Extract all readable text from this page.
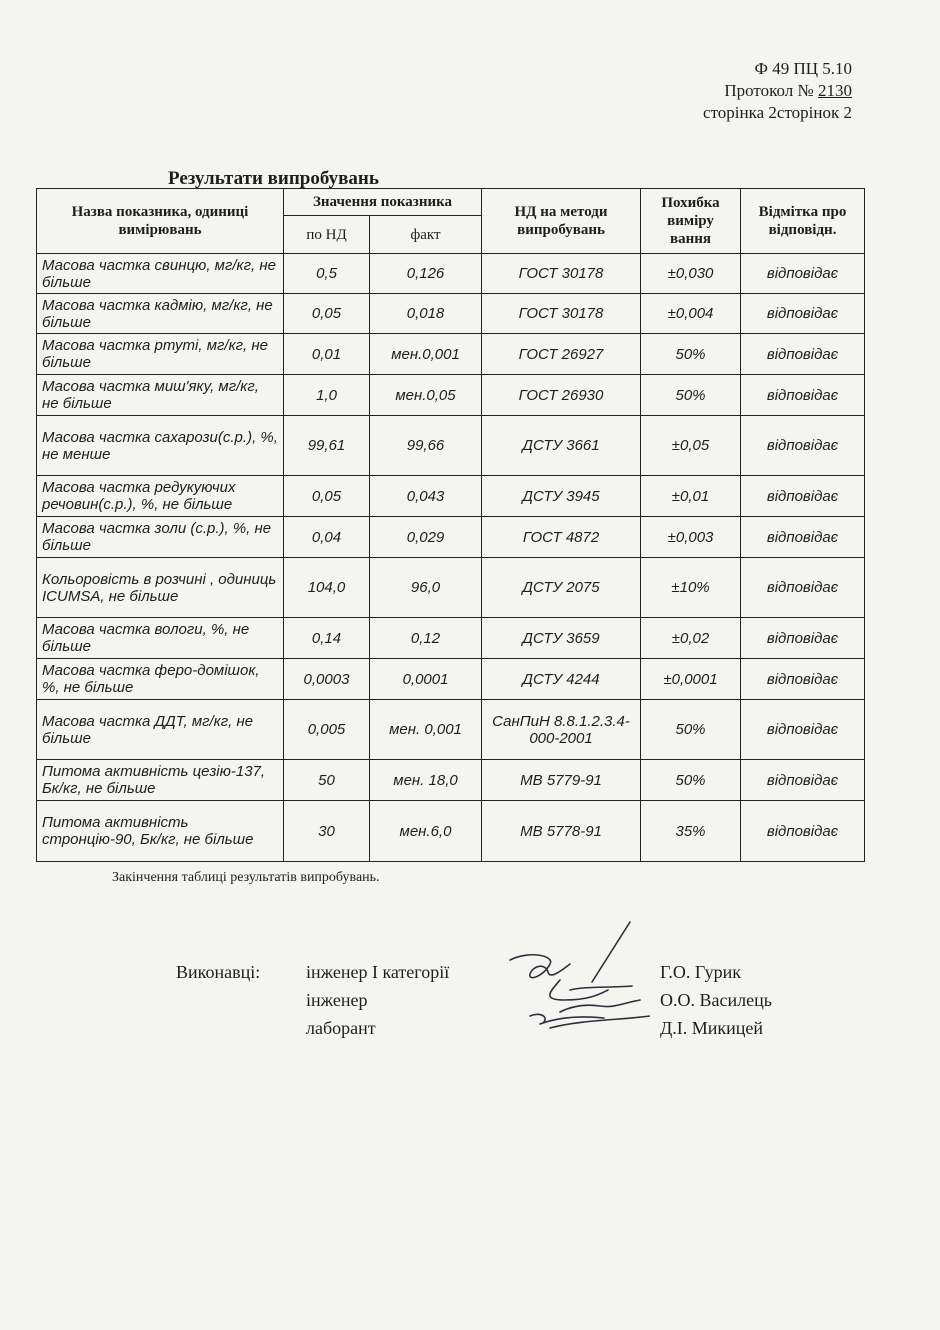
Ф 49 ПЦ 5.10
Протокол № 2130
сторінка 2сторінок 2
Результати випробувань
Назва показника, одиниці вимірювань	Значення показника		НД на методи випробувань	Похибка виміру вання	Відмітка про відповідн.
	по НД	факт			
Масова частка свинцю, мг/кг, не більше	0,5	0,126	ГОСТ 30178	±0,030	відповідає
Масова частка кадмію, мг/кг, не більше	0,05	0,018	ГОСТ 30178	±0,004	відповідає
Масова частка ртуті, мг/кг, не більше	0,01	мен.0,001	ГОСТ 26927	50%	відповідає
Масова частка миш'яку, мг/кг, не більше	1,0	мен.0,05	ГОСТ 26930	50%	відповідає
Масова частка сахарози(с.р.), %, не менше	99,61	99,66	ДСТУ 3661	±0,05	відповідає
Масова частка редукуючих речовин(с.р.), %, не більше	0,05	0,043	ДСТУ 3945	±0,01	відповідає
Масова частка золи (с.р.), %, не більше	0,04	0,029	ГОСТ 4872	±0,003	відповідає
Кольоровість в розчині , одиниць ICUMSA, не більше	104,0	96,0	ДСТУ 2075	±10%	відповідає
Масова частка вологи, %, не більше	0,14	0,12	ДСТУ 3659	±0,02	відповідає
Масова частка феро-домішок, %, не більше	0,0003	0,0001	ДСТУ 4244	±0,0001	відповідає
Масова частка ДДТ, мг/кг, не більше	0,005	мен. 0,001	СанПиН 8.8.1.2.3.4-000-2001	50%	відповідає
Питома активність цезію-137, Бк/кг, не більше	50	мен. 18,0	МВ 5779-91	50%	відповідає
Питома активність стронцію-90, Бк/кг, не більше	30	мен.6,0	МВ 5778-91	35%	відповідає
Закінчення таблиці результатів випробувань.
Виконавці:	інженер І категорії
інженер
лаборант
Г.О. Гурик
О.О. Василець
Д.І. Микицей
